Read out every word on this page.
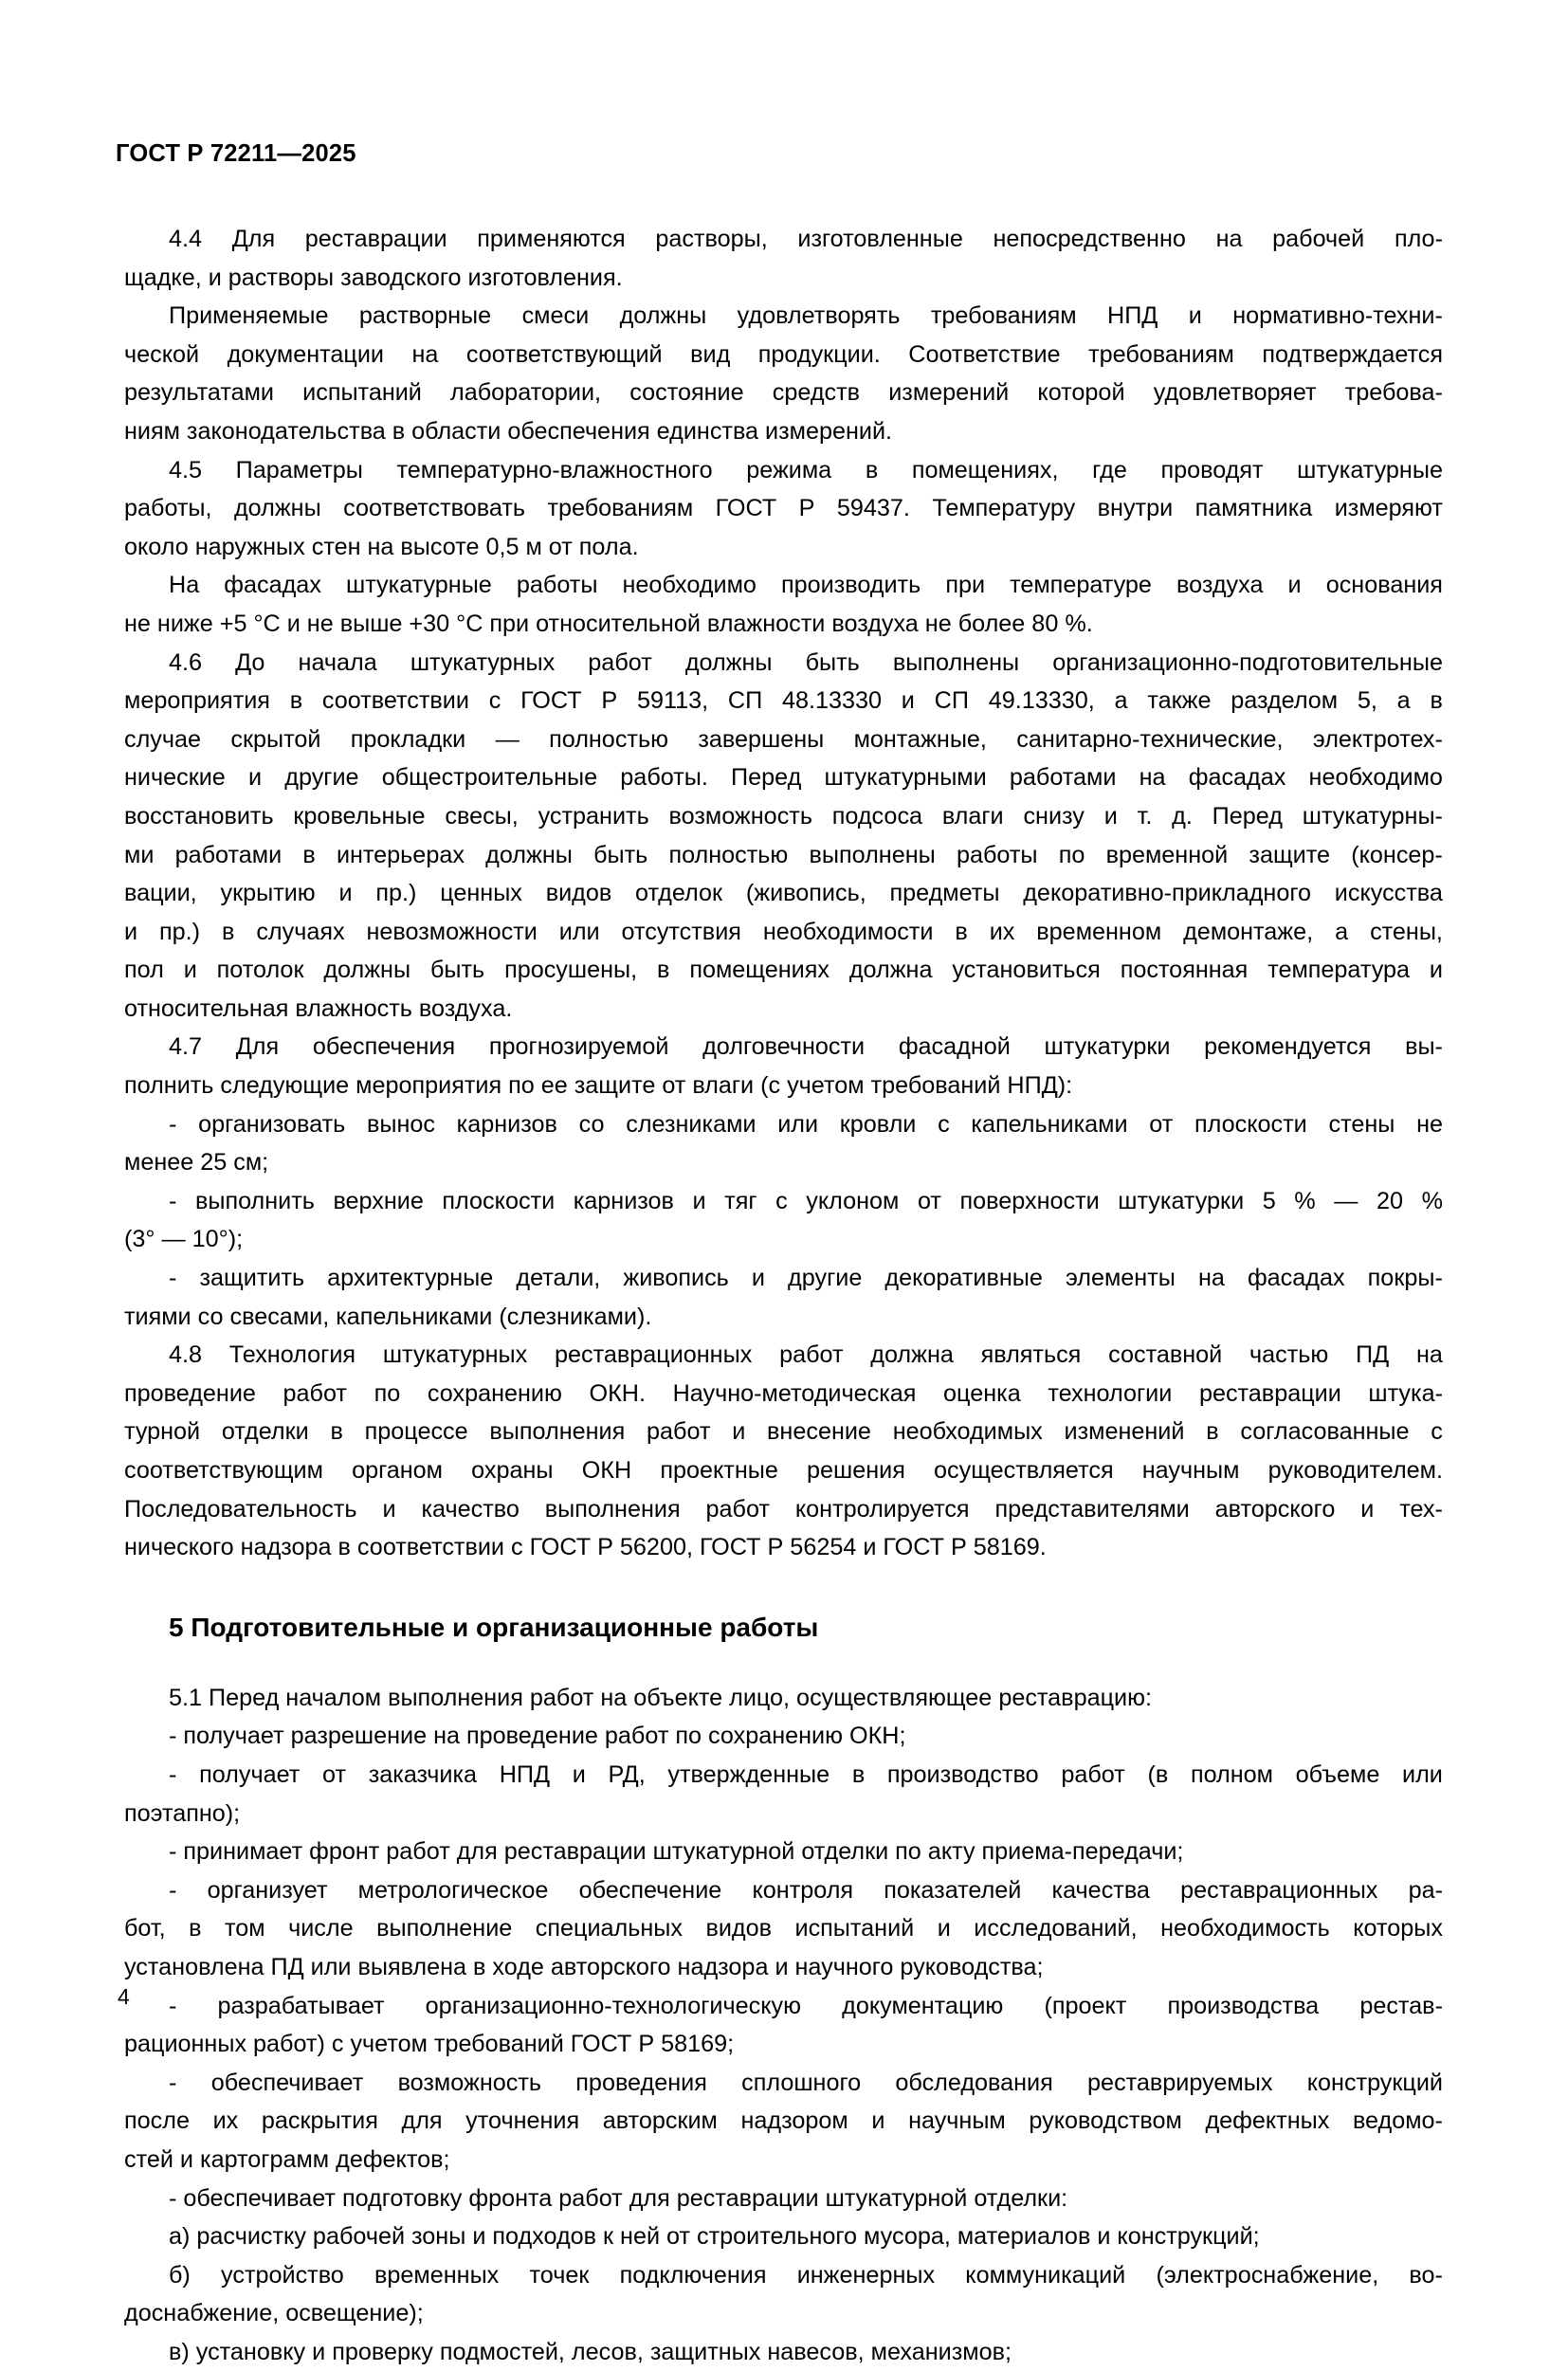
ГОСТ Р 72211—2025
4.4 Для реставрации применяются растворы, изготовленные непосредственно на рабочей пло-
щадке, и растворы заводского изготовления.
Применяемые растворные смеси должны удовлетворять требованиям НПД и нормативно-техни-
ческой документации на соответствующий вид продукции. Соответствие требованиям подтверждается
результатами испытаний лаборатории, состояние средств измерений которой удовлетворяет требова-
ниям законодательства в области обеспечения единства измерений.
4.5 Параметры температурно-влажностного режима в помещениях, где проводят штукатурные
работы, должны соответствовать требованиям ГОСТ Р 59437. Температуру внутри памятника измеряют
около наружных стен на высоте 0,5 м от пола.
На фасадах штукатурные работы необходимо производить при температуре воздуха и основания
не ниже +5 °С и не выше +30 °С при относительной влажности воздуха не более 80 %.
4.6 До начала штукатурных работ должны быть выполнены организационно-подготовительные
мероприятия в соответствии с ГОСТ Р 59113, СП 48.13330 и СП 49.13330, а также разделом 5, а в
случае скрытой прокладки — полностью завершены монтажные, санитарно-технические, электротех-
нические и другие общестроительные работы. Перед штукатурными работами на фасадах необходимо
восстановить кровельные свесы, устранить возможность подсоса влаги снизу и т. д. Перед штукатурны-
ми работами в интерьерах должны быть полностью выполнены работы по временной защите (консер-
вации, укрытию и пр.) ценных видов отделок (живопись, предметы декоративно-прикладного искусства
и пр.) в случаях невозможности или отсутствия необходимости в их временном демонтаже, а стены,
пол и потолок должны быть просушены, в помещениях должна установиться постоянная температура и
относительная влажность воздуха.
4.7 Для обеспечения прогнозируемой долговечности фасадной штукатурки рекомендуется вы-
полнить следующие мероприятия по ее защите от влаги (с учетом требований НПД):
- организовать вынос карнизов со слезниками или кровли с капельниками от плоскости стены не
менее 25 см;
- выполнить верхние плоскости карнизов и тяг с уклоном от поверхности штукатурки 5 % — 20 %
(3° — 10°);
- защитить архитектурные детали, живопись и другие декоративные элементы на фасадах покры-
тиями со свесами, капельниками (слезниками).
4.8 Технология штукатурных реставрационных работ должна являться составной частью ПД на
проведение работ по сохранению ОКН. Научно-методическая оценка технологии реставрации штука-
турной отделки в процессе выполнения работ и внесение необходимых изменений в согласованные с
соответствующим органом охраны ОКН проектные решения осуществляется научным руководителем.
Последовательность и качество выполнения работ контролируется представителями авторского и тех-
нического надзора в соответствии с ГОСТ Р 56200, ГОСТ Р 56254 и ГОСТ Р 58169.
5 Подготовительные и организационные работы
5.1 Перед началом выполнения работ на объекте лицо, осуществляющее реставрацию:
- получает разрешение на проведение работ по сохранению ОКН;
- получает от заказчика НПД и РД, утвержденные в производство работ (в полном объеме или
поэтапно);
- принимает фронт работ для реставрации штукатурной отделки по акту приема-передачи;
- организует метрологическое обеспечение контроля показателей качества реставрационных ра-
бот, в том числе выполнение специальных видов испытаний и исследований, необходимость которых
установлена ПД или выявлена в ходе авторского надзора и научного руководства;
- разрабатывает организационно-технологическую документацию (проект производства рестав-
рационных работ) с учетом требований ГОСТ Р 58169;
- обеспечивает возможность проведения сплошного обследования реставрируемых конструкций
после их раскрытия для уточнения авторским надзором и научным руководством дефектных ведомо-
стей и картограмм дефектов;
- обеспечивает подготовку фронта работ для реставрации штукатурной отделки:
а) расчистку рабочей зоны и подходов к ней от строительного мусора, материалов и конструкций;
б) устройство временных точек подключения инженерных коммуникаций (электроснабжение, во-
доснабжение, освещение);
в) установку и проверку подмостей, лесов, защитных навесов, механизмов;
4
